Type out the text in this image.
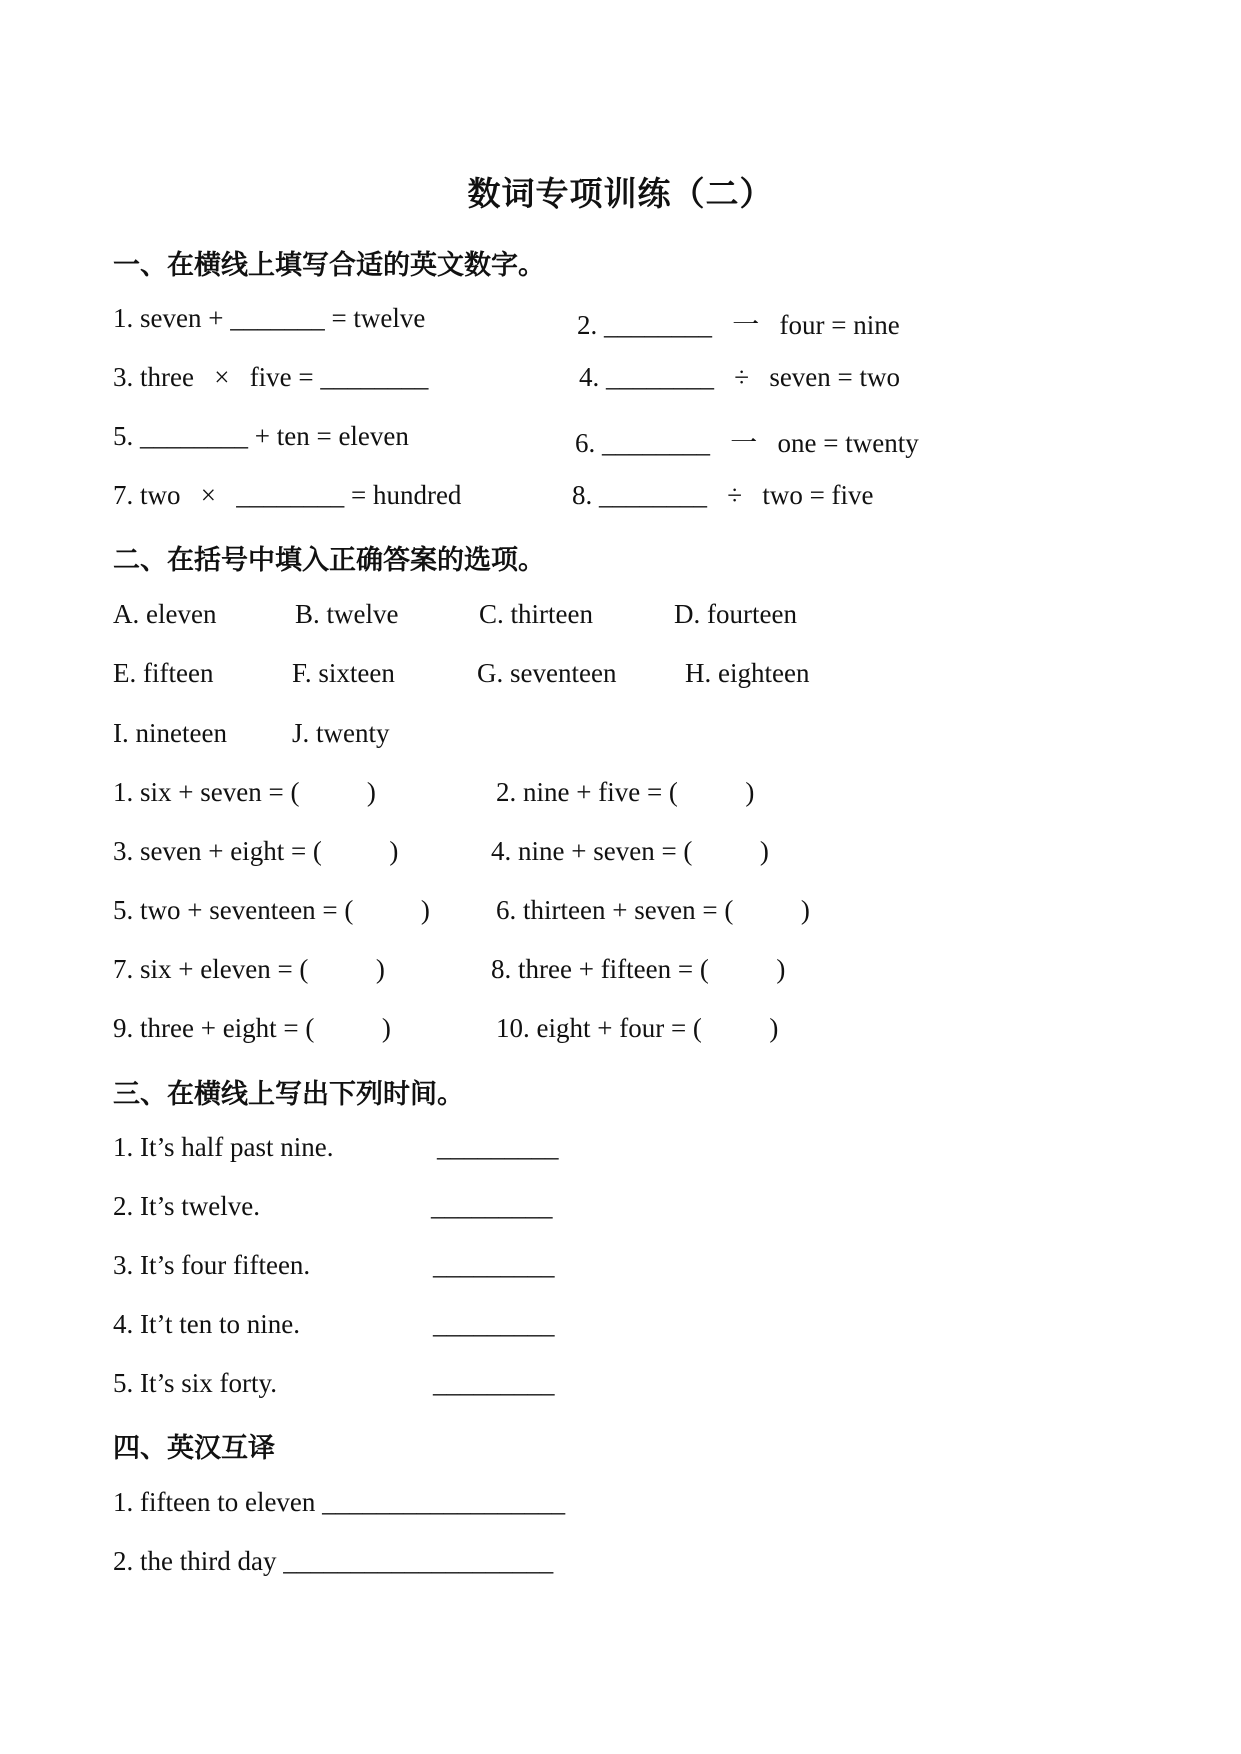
数词专项训练（二）
一、在横线上填写合适的英文数字。
1. seven + _______ = twelve	2. ________   一   four = nine
3. three   ×   five = ________	4. ________   ÷   seven = two
5. ________ + ten = eleven	6. ________   一   one = twenty
7. two   ×   ________ = hundred	8. ________   ÷   two = five
二、在括号中填入正确答案的选项。
A. eleven	B. twelve	C. thirteen	D. fourteen
E. fifteen	F. sixteen	G. seventeen	H. eighteen
I. nineteen J. twenty
1. six + seven = (          )	2. nine + five = (          )
3. seven + eight = (          )	4. nine + seven = (          )
5. two + seventeen = (          ) 6. thirteen + seven = (          )
7. six + eleven = (          )	8. three + fifteen = (          )
9. three + eight = (          )	10. eight + four = (          )
三、在横线上写出下列时间。
1. It’s half past nine.	_________
2. It’s twelve.	_________
3. It’s four fifteen.	_________
4. It’t ten to nine.	_________
5. It’s six forty.	_________
四、英汉互译
1. fifteen to eleven __________________
2. the third day ____________________
